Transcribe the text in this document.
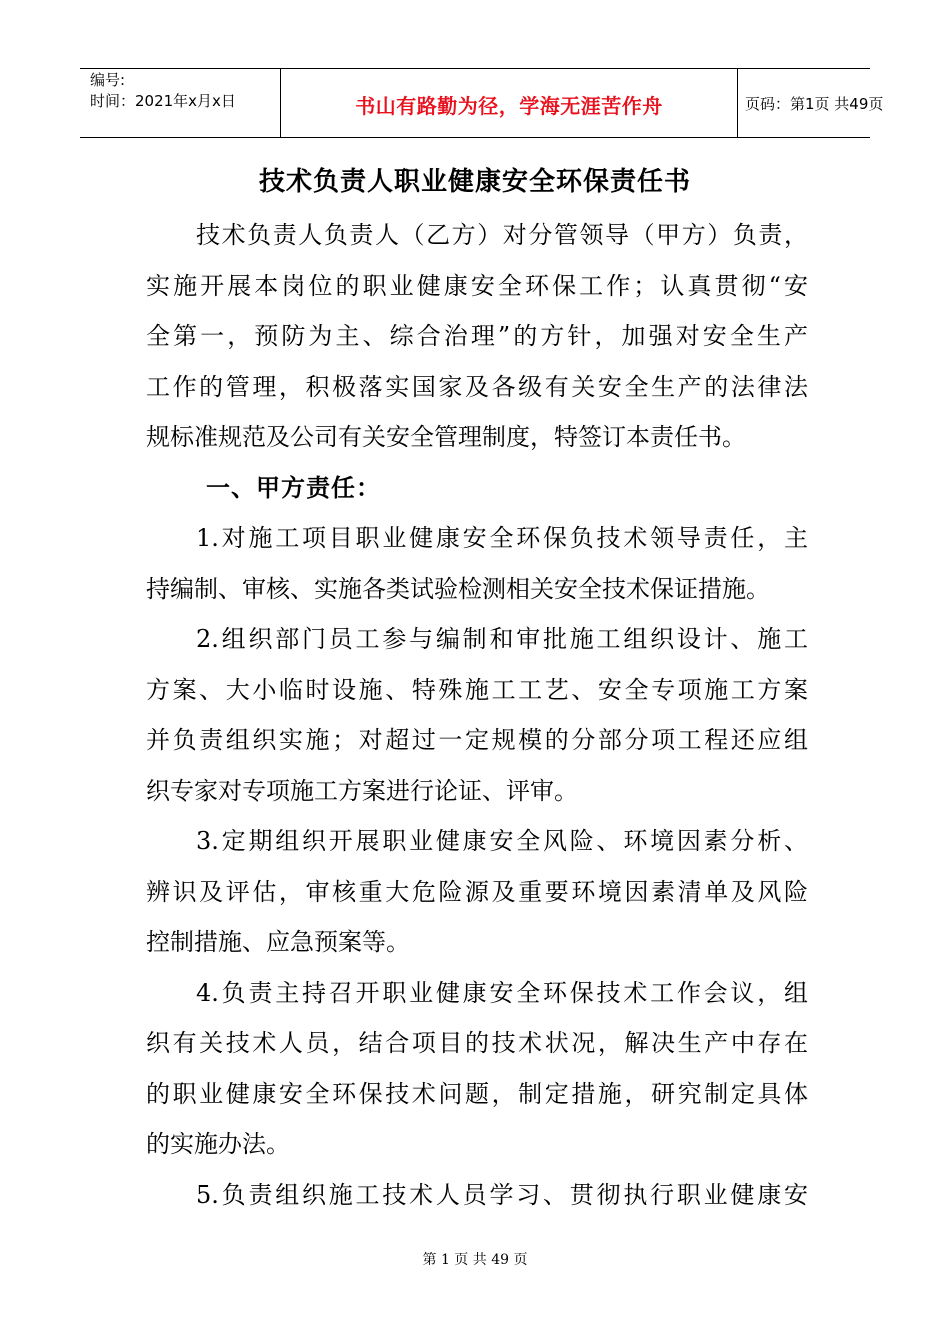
编号:
时间：2021年x月x日	书山有路勤为径，学海无涯苦作舟	页码：第1页 共49页
技术负责人职业健康安全环保责任书
技术负责人负责人（乙方）对分管领导（甲方）负责，
实施开展本岗位的职业健康安全环保工作；认真贯彻“安
全第一，预防为主、综合治理”的方针，加强对安全生产
工作的管理，积极落实国家及各级有关安全生产的法律法
规标准规范及公司有关安全管理制度，特签订本责任书。
一、甲方责任：
1.对施工项目职业健康安全环保负技术领导责任，主
持编制、审核、实施各类试验检测相关安全技术保证措施。
2.组织部门员工参与编制和审批施工组织设计、施工
方案、大小临时设施、特殊施工工艺、安全专项施工方案
并负责组织实施；对超过一定规模的分部分项工程还应组
织专家对专项施工方案进行论证、评审。
3.定期组织开展职业健康安全风险、环境因素分析、
辨识及评估，审核重大危险源及重要环境因素清单及风险
控制措施、应急预案等。
4.负责主持召开职业健康安全环保技术工作会议，组
织有关技术人员，结合项目的技术状况，解决生产中存在
的职业健康安全环保技术问题，制定措施，研究制定具体
的实施办法。
5.负责组织施工技术人员学习、贯彻执行职业健康安
第 1 页 共 49 页
